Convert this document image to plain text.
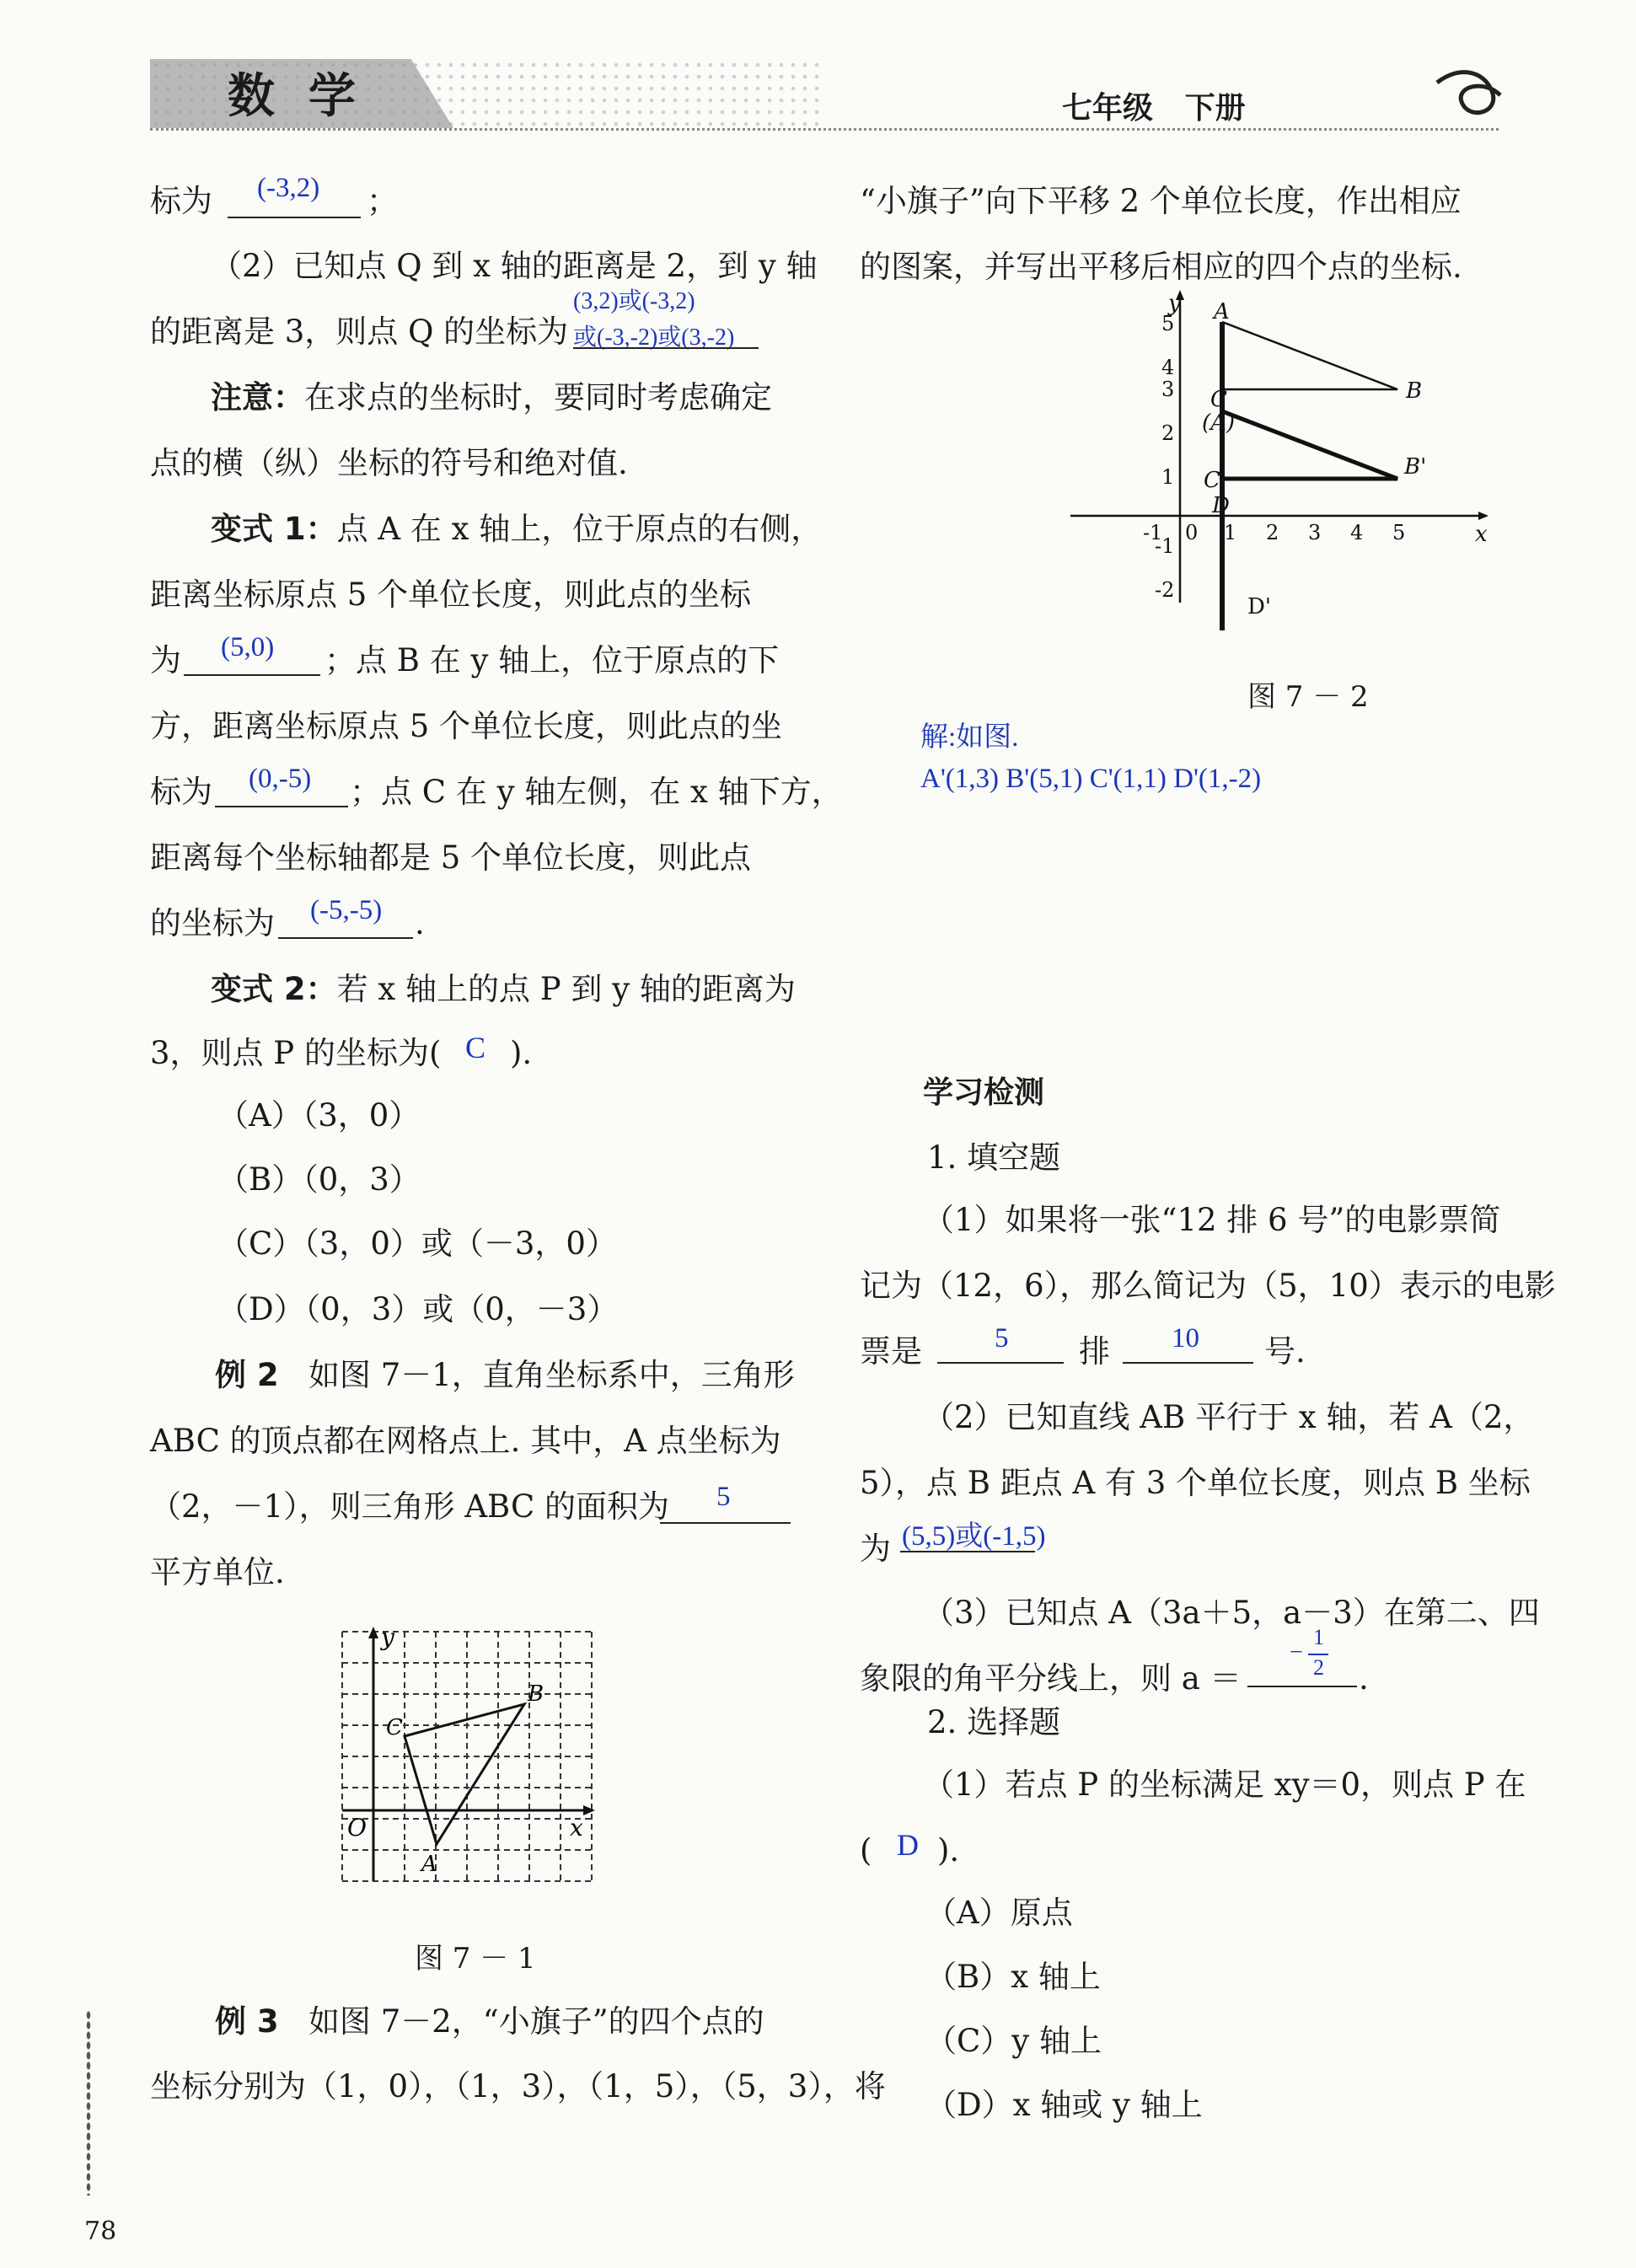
数学	七年级 下册
标为 (-3,2) ；
（2）已知点 Q 到 x 轴的距离是 2，到 y 轴
(3,2)或(-3,2)
的距离是 3，则点 Q 的坐标为 或(-3,-2)或(3,-2)
注意：在求点的坐标时，要同时考虑确定
点的横（纵）坐标的符号和绝对值.
变式 1：点 A 在 x 轴上，位于原点的右侧，
距离坐标原点 5 个单位长度，则此点的坐标
为 (5,0) ；点 B 在 y 轴上，位于原点的下
方，距离坐标原点 5 个单位长度，则此点的坐
标为 (0,-5) ；点 C 在 y 轴左侧，在 x 轴下方，
距离每个坐标轴都是 5 个单位长度，则此点
的坐标为 (-5,-5) .
变式 2：若 x 轴上的点 P 到 y 轴的距离为
3，则点 P 的坐标为( C ).
（A）（3，0）
（B）（0，3）
（C）（3，0）或（－3，0）
（D）（0，3）或（0，－3）
例 2 如图 7－1，直角坐标系中，三角形
ABC 的顶点都在网格点上. 其中，A 点坐标为
（2，－1），则三角形 ABC 的面积为 5
平方单位.
y
x
O
A
B
C
图 7 － 1
例 3 如图 7－2，“小旗子”的四个点的
坐标分别为（1，0），（1，3），（1，5），（5，3），将
78
“小旗子”向下平移 2 个单位长度，作出相应
的图案，并写出平移后相应的四个点的坐标.
5
4
3
2
1
-1
-2
-1 0 1 2 3 4 5
y
x
A
B
C
(A)
B'
C'
D
D'
图 7 － 2
解:如图.
A'(1,3) B'(5,1) C'(1,1) D'(1,-2)
学习检测
1. 填空题
（1）如果将一张“12 排 6 号”的电影票简
记为（12，6），那么简记为（5，10）表示的电影
票是	5 排 10 号.
（2）已知直线 AB 平行于 x 轴，若 A（2，
5），点 B 距点 A 有 3 个单位长度，则点 B 坐标
为 (5,5)或(-1,5)
（3）已知点 A（3a＋5，a－3）在第二、四
象限的角平分线上，则 a ＝
−
1
2 .
2. 选择题
（1）若点 P 的坐标满足 xy＝0，则点 P 在
( D ).
（A）原点
（B）x 轴上
（C）y 轴上
（D）x 轴或 y 轴上
